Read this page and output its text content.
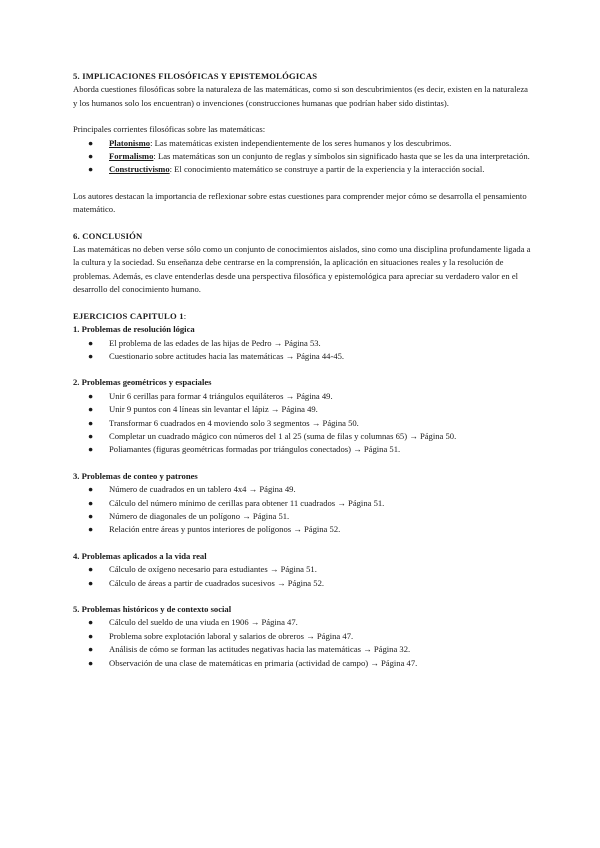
5. IMPLICACIONES FILOSÓFICAS Y EPISTEMOLÓGICAS

Aborda cuestiones filosóficas sobre la naturaleza de las matemáticas, como si son descubrimientos (es decir, existen en la naturaleza y los humanos solo los encuentran) o invenciones (construcciones humanas que podrían haber sido distintas).

Principales corrientes filosóficas sobre las matemáticas:

● Platonismo: Las matemáticas existen independientemente de los seres humanos y los descubrimos.
● Formalismo: Las matemáticas son un conjunto de reglas y símbolos sin significado hasta que se les da una interpretación.
● Constructivismo: El conocimiento matemático se construye a partir de la experiencia y la interacción social.

Los autores destacan la importancia de reflexionar sobre estas cuestiones para comprender mejor cómo se desarrolla el pensamiento matemático.

6. CONCLUSIÓN

Las matemáticas no deben verse sólo como un conjunto de conocimientos aislados, sino como una disciplina profundamente ligada a la cultura y la sociedad. Su enseñanza debe centrarse en la comprensión, la aplicación en situaciones reales y la resolución de problemas. Además, es clave entenderlas desde una perspectiva filosófica y epistemológica para apreciar su verdadero valor en el desarrollo del conocimiento humano.

EJERCICIOS CAPITULO 1:

1. Problemas de resolución lógica

● El problema de las edades de las hijas de Pedro → Página 53.
● Cuestionario sobre actitudes hacia las matemáticas → Página 44-45.

2. Problemas geométricos y espaciales

● Unir 6 cerillas para formar 4 triángulos equiláteros → Página 49.
● Unir 9 puntos con 4 líneas sin levantar el lápiz → Página 49.
● Transformar 6 cuadrados en 4 moviendo solo 3 segmentos → Página 50.
● Completar un cuadrado mágico con números del 1 al 25 (suma de filas y columnas 65) → Página 50.
● Poliamantes (figuras geométricas formadas por triángulos conectados) → Página 51.

3. Problemas de conteo y patrones

● Número de cuadrados en un tablero 4x4 → Página 49.
● Cálculo del número mínimo de cerillas para obtener 11 cuadrados → Página 51.
● Número de diagonales de un polígono → Página 51.
● Relación entre áreas y puntos interiores de polígonos → Página 52.

4. Problemas aplicados a la vida real

● Cálculo de oxígeno necesario para estudiantes → Página 51.
● Cálculo de áreas a partir de cuadrados sucesivos → Página 52.

5. Problemas históricos y de contexto social

● Cálculo del sueldo de una viuda en 1906 → Página 47.
● Problema sobre explotación laboral y salarios de obreros → Página 47.
● Análisis de cómo se forman las actitudes negativas hacia las matemáticas → Página 32.
● Observación de una clase de matemáticas en primaria (actividad de campo) → Página 47.
